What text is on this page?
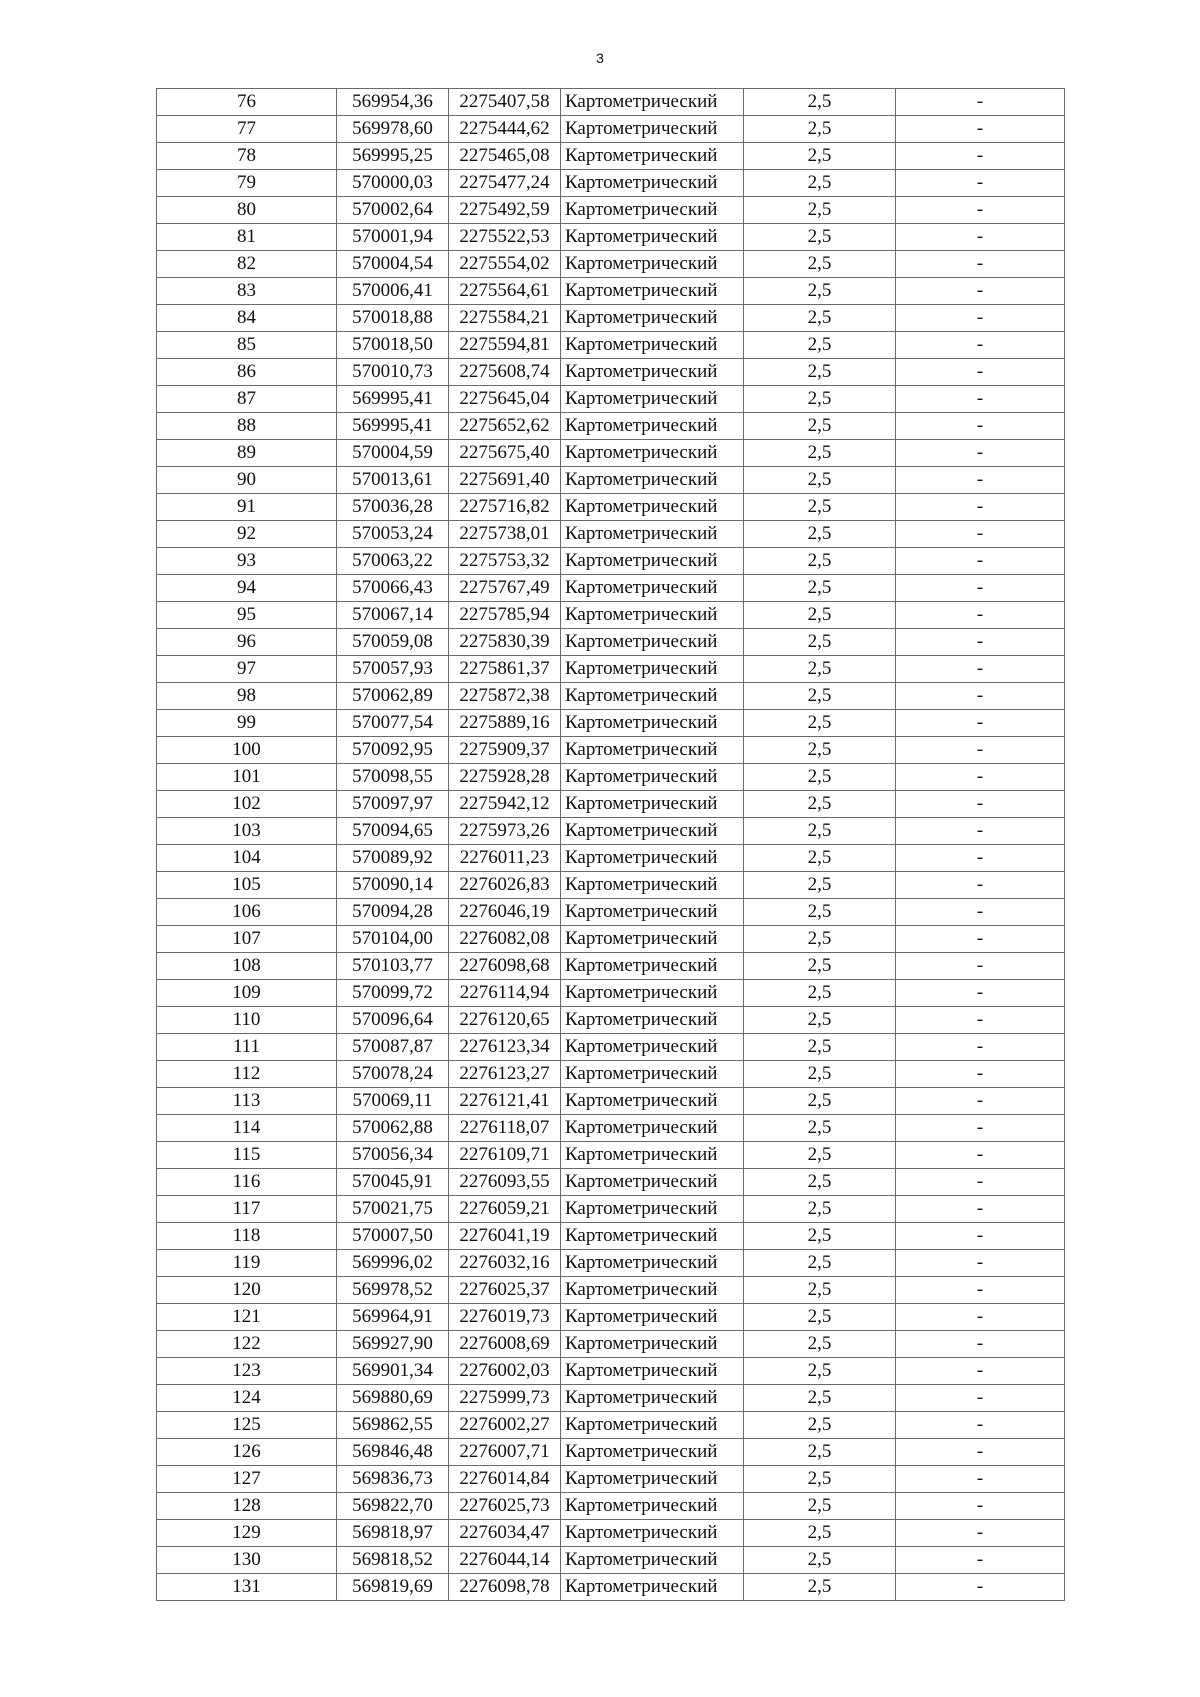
3
76	569954,36	2275407,58	Картометрический	2,5	-
77	569978,60	2275444,62	Картометрический	2,5	-
78	569995,25	2275465,08	Картометрический	2,5	-
79	570000,03	2275477,24	Картометрический	2,5	-
80	570002,64	2275492,59	Картометрический	2,5	-
81	570001,94	2275522,53	Картометрический	2,5	-
82	570004,54	2275554,02	Картометрический	2,5	-
83	570006,41	2275564,61	Картометрический	2,5	-
84	570018,88	2275584,21	Картометрический	2,5	-
85	570018,50	2275594,81	Картометрический	2,5	-
86	570010,73	2275608,74	Картометрический	2,5	-
87	569995,41	2275645,04	Картометрический	2,5	-
88	569995,41	2275652,62	Картометрический	2,5	-
89	570004,59	2275675,40	Картометрический	2,5	-
90	570013,61	2275691,40	Картометрический	2,5	-
91	570036,28	2275716,82	Картометрический	2,5	-
92	570053,24	2275738,01	Картометрический	2,5	-
93	570063,22	2275753,32	Картометрический	2,5	-
94	570066,43	2275767,49	Картометрический	2,5	-
95	570067,14	2275785,94	Картометрический	2,5	-
96	570059,08	2275830,39	Картометрический	2,5	-
97	570057,93	2275861,37	Картометрический	2,5	-
98	570062,89	2275872,38	Картометрический	2,5	-
99	570077,54	2275889,16	Картометрический	2,5	-
100	570092,95	2275909,37	Картометрический	2,5	-
101	570098,55	2275928,28	Картометрический	2,5	-
102	570097,97	2275942,12	Картометрический	2,5	-
103	570094,65	2275973,26	Картометрический	2,5	-
104	570089,92	2276011,23	Картометрический	2,5	-
105	570090,14	2276026,83	Картометрический	2,5	-
106	570094,28	2276046,19	Картометрический	2,5	-
107	570104,00	2276082,08	Картометрический	2,5	-
108	570103,77	2276098,68	Картометрический	2,5	-
109	570099,72	2276114,94	Картометрический	2,5	-
110	570096,64	2276120,65	Картометрический	2,5	-
111	570087,87	2276123,34	Картометрический	2,5	-
112	570078,24	2276123,27	Картометрический	2,5	-
113	570069,11	2276121,41	Картометрический	2,5	-
114	570062,88	2276118,07	Картометрический	2,5	-
115	570056,34	2276109,71	Картометрический	2,5	-
116	570045,91	2276093,55	Картометрический	2,5	-
117	570021,75	2276059,21	Картометрический	2,5	-
118	570007,50	2276041,19	Картометрический	2,5	-
119	569996,02	2276032,16	Картометрический	2,5	-
120	569978,52	2276025,37	Картометрический	2,5	-
121	569964,91	2276019,73	Картометрический	2,5	-
122	569927,90	2276008,69	Картометрический	2,5	-
123	569901,34	2276002,03	Картометрический	2,5	-
124	569880,69	2275999,73	Картометрический	2,5	-
125	569862,55	2276002,27	Картометрический	2,5	-
126	569846,48	2276007,71	Картометрический	2,5	-
127	569836,73	2276014,84	Картометрический	2,5	-
128	569822,70	2276025,73	Картометрический	2,5	-
129	569818,97	2276034,47	Картометрический	2,5	-
130	569818,52	2276044,14	Картометрический	2,5	-
131	569819,69	2276098,78	Картометрический	2,5	-
